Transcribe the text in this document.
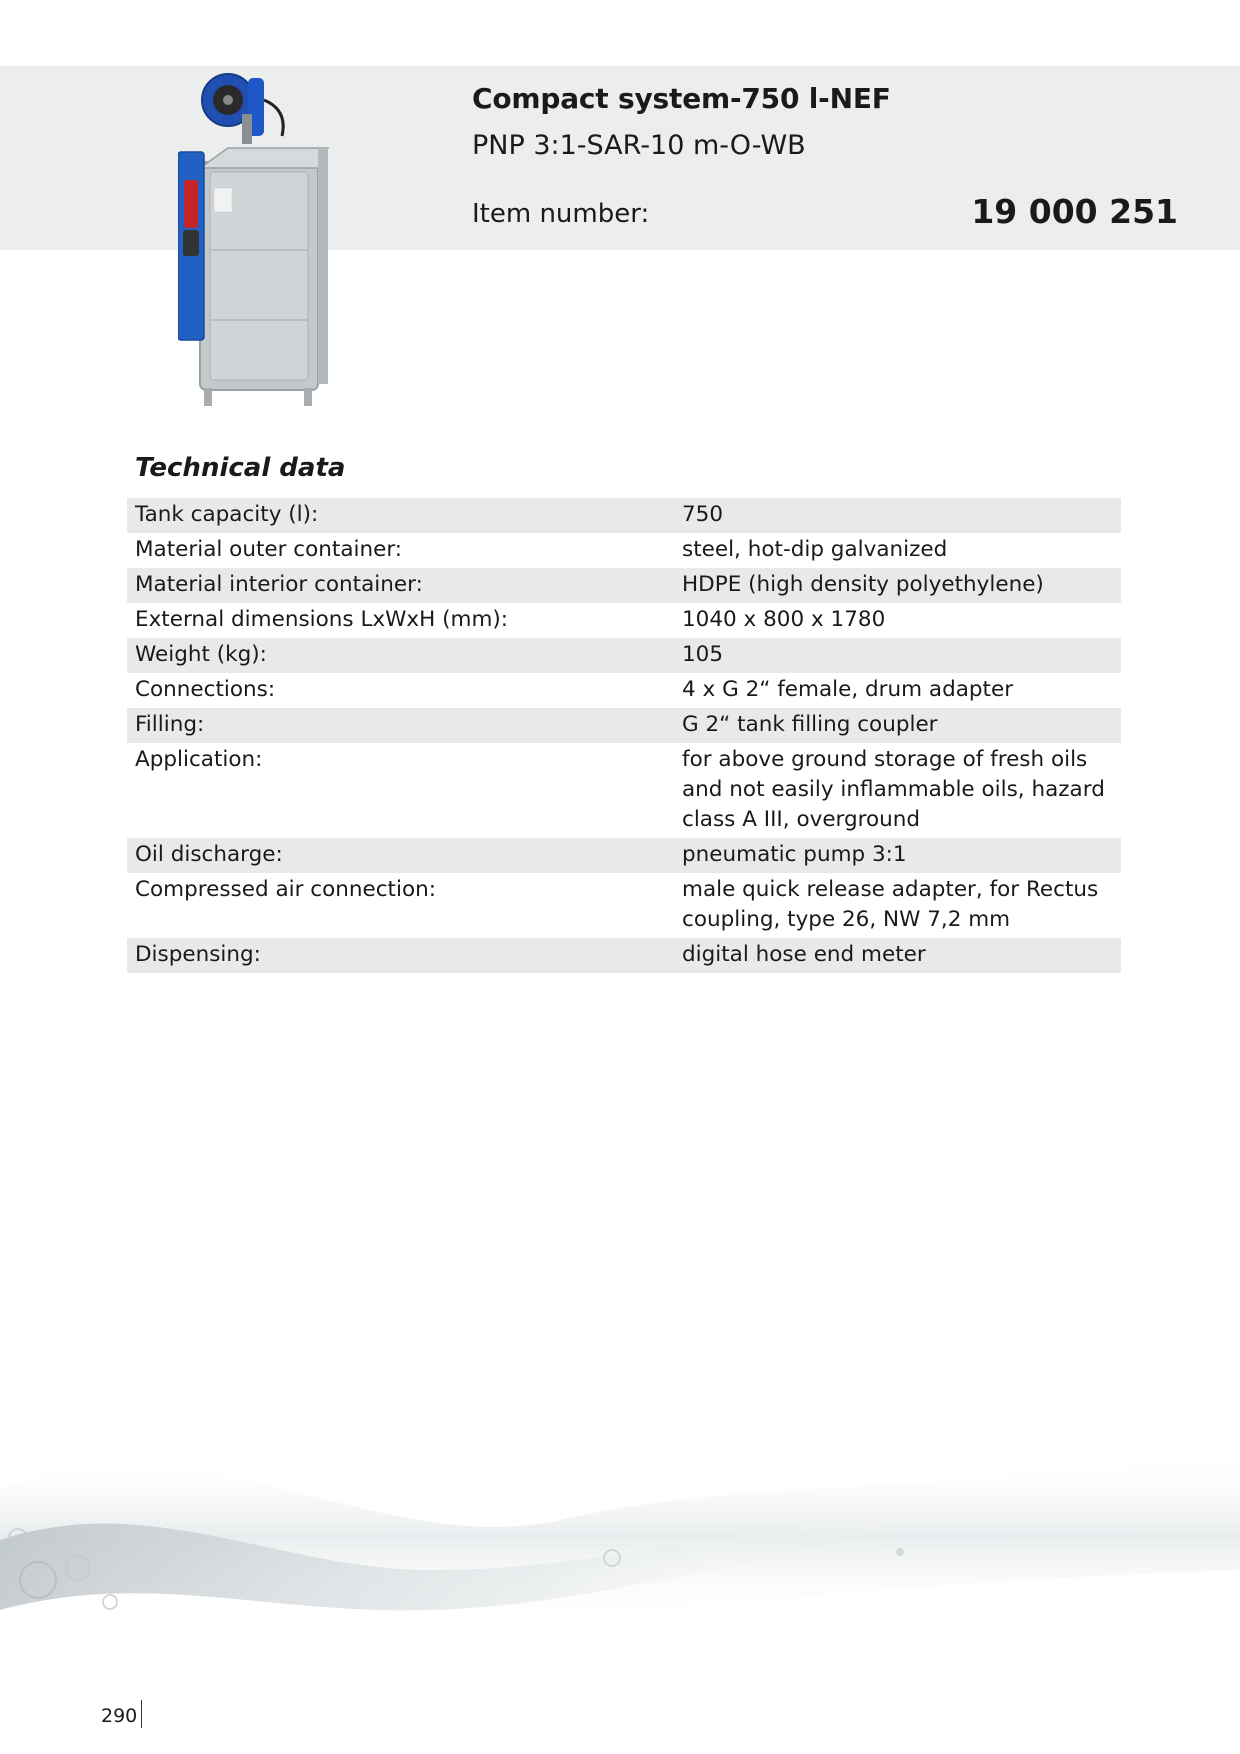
Compact system-750 l-NEF
PNP 3:1-SAR-10 m-O-WB
Item number:	19 000 251
Technical data
Tank capacity (l):	750
Material outer container:	steel, hot-dip galvanized
Material interior container:	HDPE (high density polyethylene)
External dimensions LxWxH (mm):	1040 x 800 x 1780
Weight (kg):	105
Connections:	4 x G 2“ female, drum adapter
Filling:	G 2“ tank filling coupler
Application:	for above ground storage of fresh oils and not easily inflammable oils, hazard class A III, overground
Oil discharge:	pneumatic pump 3:1
Compressed air connection:	male quick release adapter, for Rectus coupling, type 26, NW 7,2 mm
Dispensing:	digital hose end meter
290
